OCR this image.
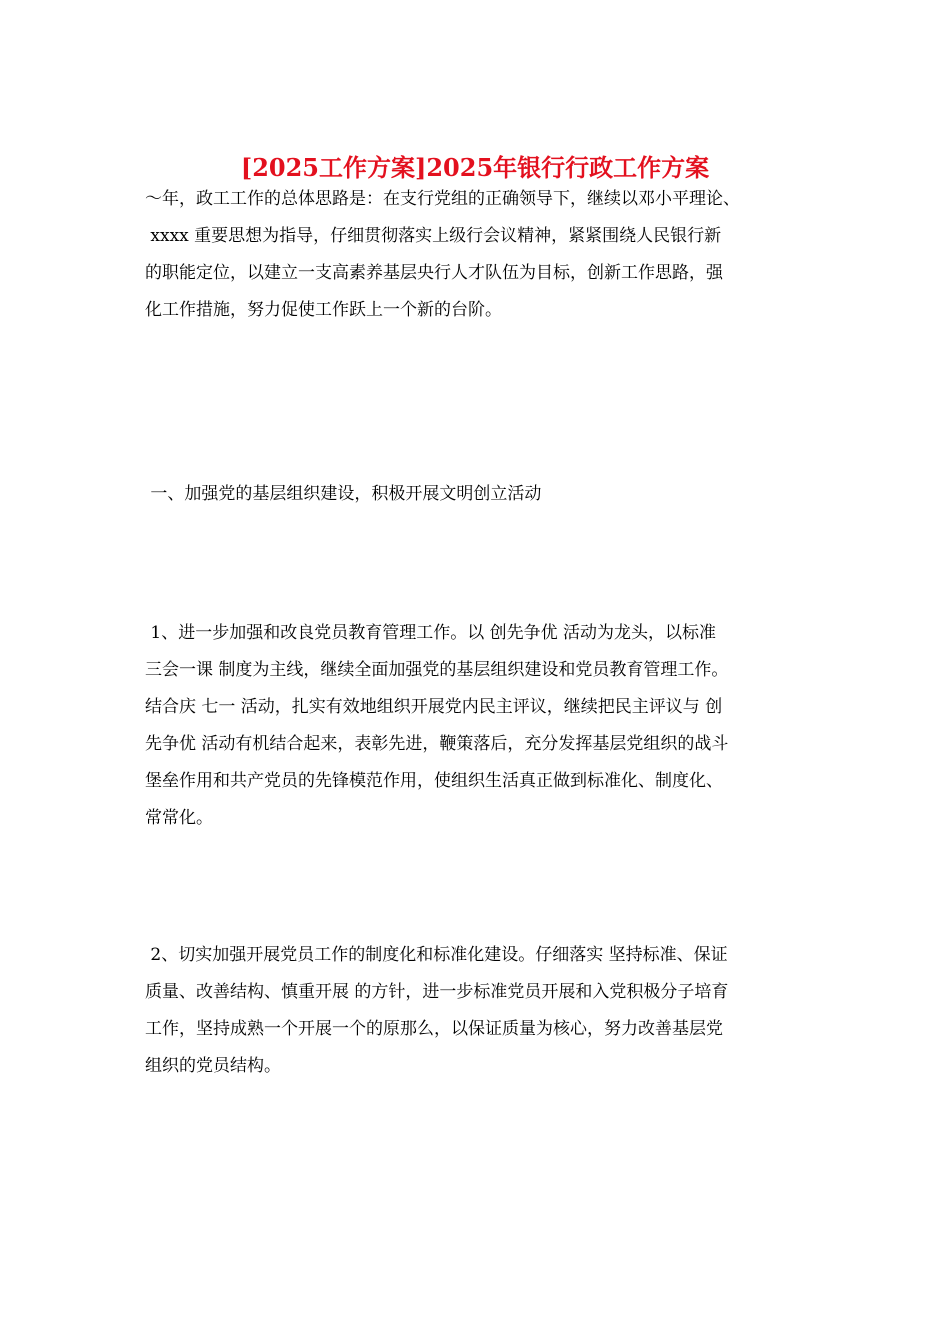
[2025工作方案]2025年银行行政工作方案
～年，政工工作的总体思路是：在支行党组的正确领导下，继续以邓小平理论、
xxxx 重要思想为指导，仔细贯彻落实上级行会议精神，紧紧围绕人民银行新
的职能定位，以建立一支高素养基层央行人才队伍为目标，创新工作思路，强
化工作措施，努力促使工作跃上一个新的台阶。
一、加强党的基层组织建设，积极开展文明创立活动
1、进一步加强和改良党员教育管理工作。以 创先争优 活动为龙头，以标准
三会一课 制度为主线，继续全面加强党的基层组织建设和党员教育管理工作。
结合庆 七一 活动，扎实有效地组织开展党内民主评议，继续把民主评议与 创
先争优 活动有机结合起来，表彰先进，鞭策落后，充分发挥基层党组织的战斗
堡垒作用和共产党员的先锋模范作用，使组织生活真正做到标准化、制度化、
常常化。
2、切实加强开展党员工作的制度化和标准化建设。仔细落实 坚持标准、保证
质量、改善结构、慎重开展 的方针，进一步标准党员开展和入党积极分子培育
工作，坚持成熟一个开展一个的原那么，以保证质量为核心，努力改善基层党
组织的党员结构。
